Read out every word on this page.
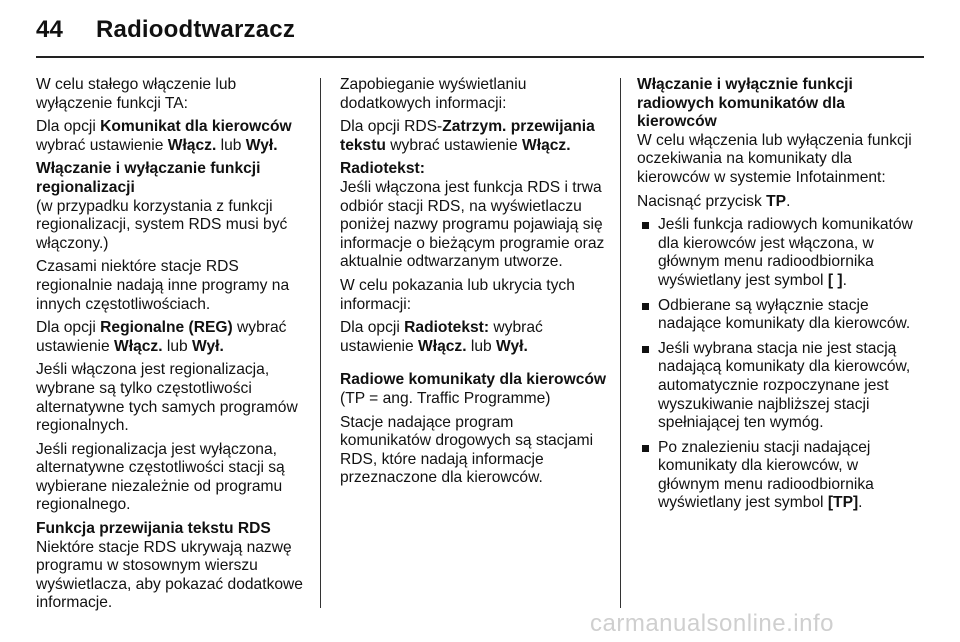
44 Radioodtwarzacz

W celu stałego włączenie lub wyłączenie funkcji TA:

Dla opcji Komunikat dla kierowców wybrać ustawienie Włącz. lub Wył.

Włączanie i wyłączanie funkcji regionalizacji

(w przypadku korzystania z funkcji regionalizacji, system RDS musi być włączony.)

Czasami niektóre stacje RDS regionalnie nadają inne programy na innych częstotliwościach.

Dla opcji Regionalne (REG) wybrać ustawienie Włącz. lub Wył.

Jeśli włączona jest regionalizacja, wybrane są tylko częstotliwości alternatywne tych samych programów regionalnych.

Jeśli regionalizacja jest wyłączona, alternatywne częstotliwości stacji są wybierane niezależnie od programu regionalnego.

Funkcja przewijania tekstu RDS

Niektóre stacje RDS ukrywają nazwę programu w stosownym wierszu wyświetlacza, aby pokazać dodatkowe informacje.

Zapobieganie wyświetlaniu dodatkowych informacji:

Dla opcji RDS-Zatrzym. przewijania tekstu wybrać ustawienie Włącz.

Radiotekst:

Jeśli włączona jest funkcja RDS i trwa odbiór stacji RDS, na wyświetlaczu poniżej nazwy programu pojawiają się informacje o bieżącym programie oraz aktualnie odtwarzanym utworze.

W celu pokazania lub ukrycia tych informacji:

Dla opcji Radiotekst: wybrać ustawienie Włącz. lub Wył.

Radiowe komunikaty dla kierowców

(TP = ang. Traffic Programme)

Stacje nadające program komunikatów drogowych są stacjami RDS, które nadają informacje przeznaczone dla kierowców.

Włączanie i wyłącznie funkcji radiowych komunikatów dla kierowców

W celu włączenia lub wyłączenia funkcji oczekiwania na komunikaty dla kierowców w systemie Infotainment:

Nacisnąć przycisk TP.

Jeśli funkcja radiowych komunikatów dla kierowców jest włączona, w głównym menu radioodbiornika wyświetlany jest symbol [ ].
Odbierane są wyłącznie stacje nadające komunikaty dla kierowców.
Jeśli wybrana stacja nie jest stacją nadającą komunikaty dla kierowców, automatycznie rozpoczynane jest wyszukiwanie najbliższej stacji spełniającej ten wymóg.
Po znalezieniu stacji nadającej komunikaty dla kierowców, w głównym menu radioodbiornika wyświetlany jest symbol [TP].
carmanualsonline.info
